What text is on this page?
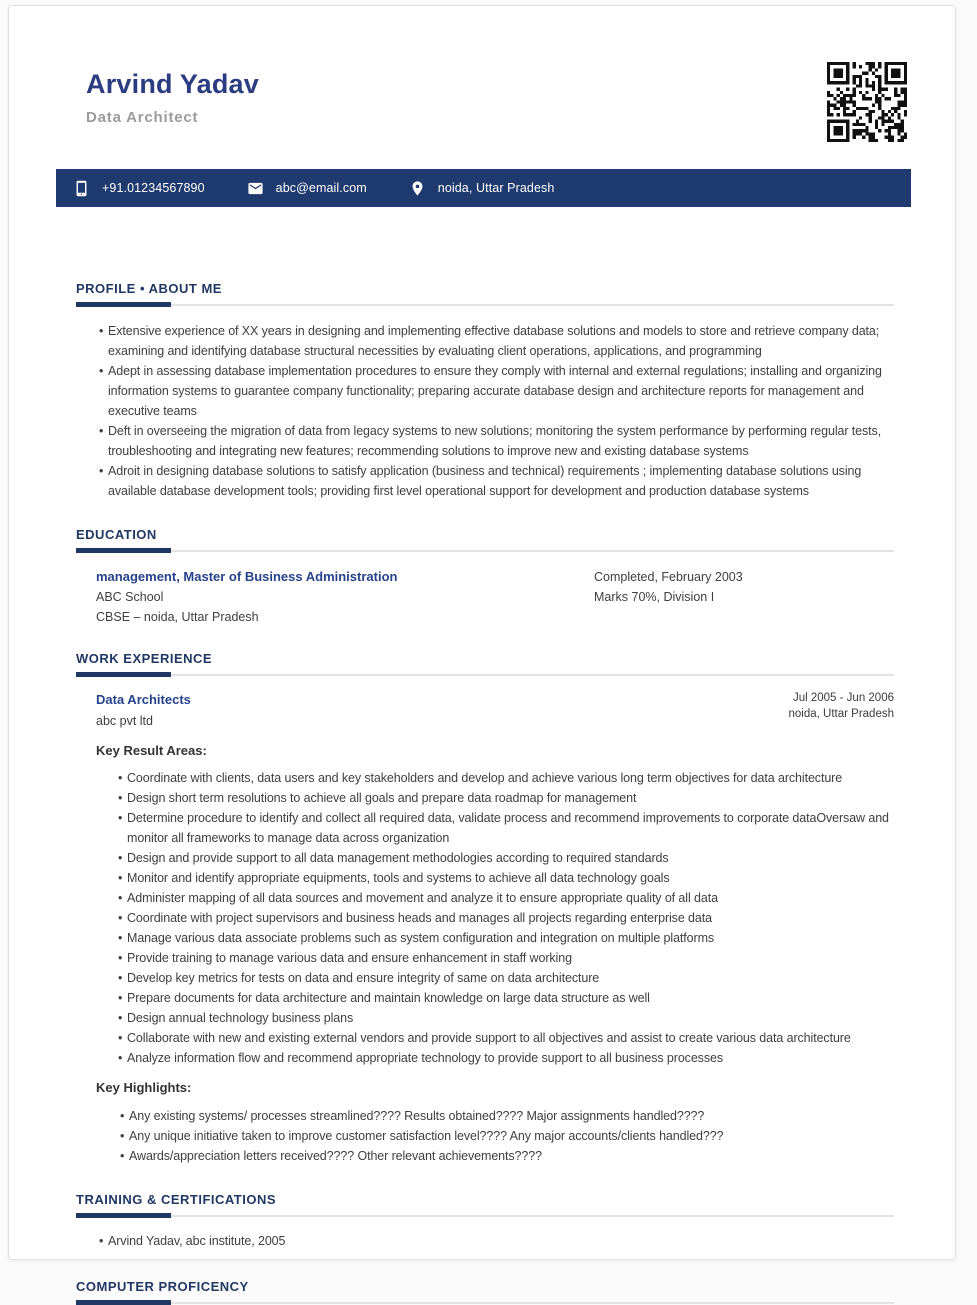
Arvind Yadav
Data Architect
+91.01234567890	abc@email.com	noida, Uttar Pradesh
PROFILE • ABOUT ME
• Extensive experience of XX years in designing and implementing effective database solutions and models to store and retrieve company data; examining and identifying database structural necessities by evaluating client operations, applications, and programming
• Adept in assessing database implementation procedures to ensure they comply with internal and external regulations; installing and organizing information systems to guarantee company functionality; preparing accurate database design and architecture reports for management and executive teams
• Deft in overseeing the migration of data from legacy systems to new solutions; monitoring the system performance by performing regular tests, troubleshooting and integrating new features; recommending solutions to improve new and existing database systems
• Adroit in designing database solutions to satisfy application (business and technical) requirements ; implementing database solutions using available database development tools; providing first level operational support for development and production database systems
EDUCATION
management, Master of Business Administration
ABC School
CBSE – noida, Uttar Pradesh
Completed, February 2003
Marks 70%, Division I
WORK EXPERIENCE
Data Architects
abc pvt ltd
Jul 2005 - Jun 2006
noida, Uttar Pradesh
Key Result Areas:
• Coordinate with clients, data users and key stakeholders and develop and achieve various long term objectives for data architecture
• Design short term resolutions to achieve all goals and prepare data roadmap for management
• Determine procedure to identify and collect all required data, validate process and recommend improvements to corporate dataOversaw and monitor all frameworks to manage data across organization
• Design and provide support to all data management methodologies according to required standards
• Monitor and identify appropriate equipments, tools and systems to achieve all data technology goals
• Administer mapping of all data sources and movement and analyze it to ensure appropriate quality of all data
• Coordinate with project supervisors and business heads and manages all projects regarding enterprise data
• Manage various data associate problems such as system configuration and integration on multiple platforms
• Provide training to manage various data and ensure enhancement in staff working
• Develop key metrics for tests on data and ensure integrity of same on data architecture
• Prepare documents for data architecture and maintain knowledge on large data structure as well
• Design annual technology business plans
• Collaborate with new and existing external vendors and provide support to all objectives and assist to create various data architecture
• Analyze information flow and recommend appropriate technology to provide support to all business processes
Key Highlights:
• Any existing systems/ processes streamlined???? Results obtained???? Major assignments handled????
• Any unique initiative taken to improve customer satisfaction level???? Any major accounts/clients handled???
• Awards/appreciation letters received???? Other relevant achievements????
TRAINING & CERTIFICATIONS
• Arvind Yadav, abc institute, 2005
COMPUTER PROFICENCY
